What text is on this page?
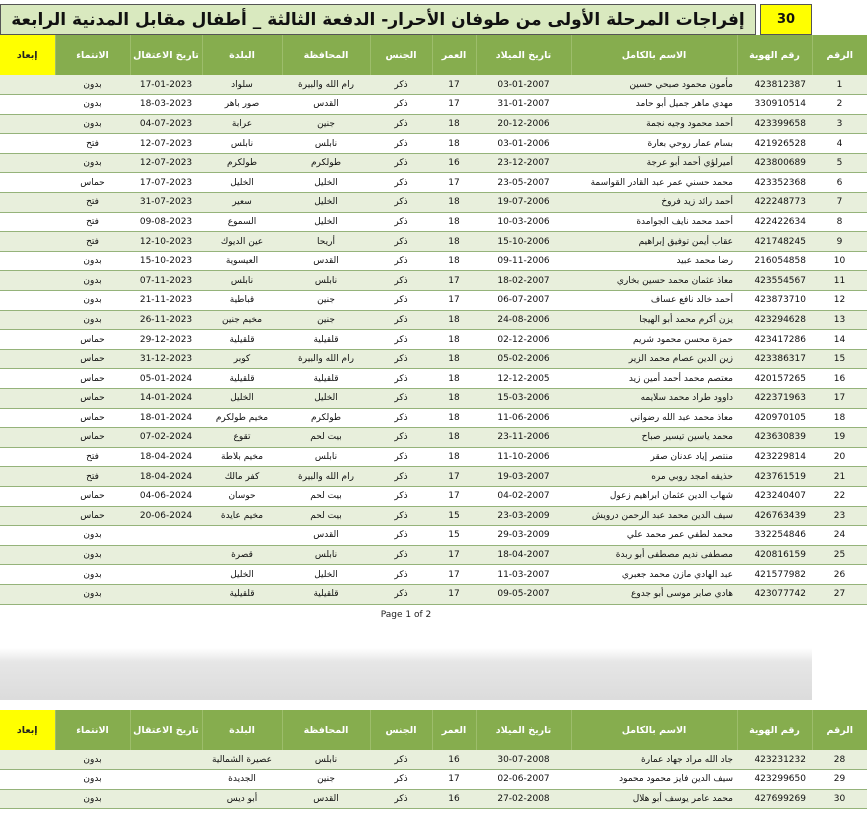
إفراجات المرحلة الأولى من طوفان الأحرار- الدفعة الثالثة _ أطفال مقابل المدنية الرابعة	30
الرقم	رقم الهوية	الاسم بالكامل	تاريخ الميلاد	العمر	الجنس	المحافظة	البلدة	تاريخ الاعتقال	الانتماء	إبعاد
1	423812387	مأمون محمود صبحي حسين	03-01-2007	17	ذكر	رام الله والبيرة	سلواد	17-01-2023	بدون	
2	330910514	مهدي ماهر جميل أبو حامد	31-01-2007	17	ذكر	القدس	صور باهر	18-03-2023	بدون	
3	423399658	أحمد محمود وجيه نجمة	20-12-2006	18	ذكر	جنين	عرابة	04-07-2023	بدون	
4	421926528	بسام عمار روحي بعارة	03-01-2006	18	ذكر	نابلس	نابلس	12-07-2023	فتح	
5	423800689	أميرلؤي أحمد أبو عرجة	23-12-2007	16	ذكر	طولكرم	طولكرم	12-07-2023	بدون	
6	423352368	محمد حسني عمر عبد القادر القواسمة	23-05-2007	17	ذكر	الخليل	الخليل	17-07-2023	حماس	
7	422248773	أحمد رائد زيد فروخ	19-07-2006	18	ذكر	الخليل	سعير	31-07-2023	فتح	
8	422422634	أحمد محمد نايف الجوامدة	10-03-2006	18	ذكر	الخليل	السموع	09-08-2023	فتح	
9	421748245	عقاب أيمن توفيق إبراهيم	15-10-2006	18	ذكر	أريحا	عين الديوك	12-10-2023	فتح	
10	216054858	رضا محمد عبيد	09-11-2006	18	ذكر	القدس	العيسوية	15-10-2023	بدون	
11	423554567	معاذ عثمان محمد حسين بخاري	18-02-2007	17	ذكر	نابلس	نابلس	07-11-2023	بدون	
12	423873710	أحمد خالد نافع عساف	06-07-2007	17	ذكر	جنين	قباطية	21-11-2023	بدون	
13	423294628	يزن أكرم محمد أبو الهيجا	24-08-2006	18	ذكر	جنين	مخيم جنين	26-11-2023	بدون	
14	423417286	حمزة محسن محمود شريم	02-12-2006	18	ذكر	قلقيلية	قلقيلية	29-12-2023	حماس	
15	423386317	زين الدين عصام محمد الزير	05-02-2006	18	ذكر	رام الله والبيرة	كوبر	31-12-2023	حماس	
16	420157265	معتصم محمد أحمد أمين زيد	12-12-2005	18	ذكر	قلقيلية	قلقيلية	05-01-2024	حماس	
17	422371963	داوود طراد محمد سلايمه	15-03-2006	18	ذكر	الخليل	الخليل	14-01-2024	حماس	
18	420970105	معاذ محمد عبد الله رضواني	11-06-2006	18	ذكر	طولكرم	مخيم طولكرم	18-01-2024	حماس	
19	423630839	محمد ياسين تيسير صباح	23-11-2006	18	ذكر	بيت لحم	تقوع	07-02-2024	حماس	
20	423229814	منتصر إياد عدنان صقر	11-10-2006	18	ذكر	نابلس	مخيم بلاطة	18-04-2024	فتح	
21	423761519	حذيفه امجد روبي مره	19-03-2007	17	ذكر	رام الله والبيرة	كفر مالك	18-04-2024	فتح	
22	423240407	شهاب الدين عثمان ابراهيم زعول	04-02-2007	17	ذكر	بيت لحم	حوسان	04-06-2024	حماس	
23	426763439	سيف الدين محمد عبد الرحمن درويش	23-03-2009	15	ذكر	بيت لحم	مخيم عايدة	20-06-2024	حماس	
24	332254846	محمد لطفي عمر محمد علي	29-03-2009	15	ذكر	القدس			بدون	
25	420816159	مصطفى نديم مصطفى أبو ربدة	18-04-2007	17	ذكر	نابلس	قصرة		بدون	
26	421577982	عبد الهادي مازن محمد جعبري	11-03-2007	17	ذكر	الخليل	الخليل		بدون	
27	423077742	هادي صابر موسى أبو جدوع	09-05-2007	17	ذكر	قلقيلية	قلقيلية		بدون	
Page 1 of 2
الرقم	رقم الهوية	الاسم بالكامل	تاريخ الميلاد	العمر	الجنس	المحافظة	البلدة	تاريخ الاعتقال	الانتماء	إبعاد
28	423231232	جاد الله مراد جهاد عمارة	30-07-2008	16	ذكر	نابلس	عصيرة الشمالية		بدون	
29	423299650	سيف الدين فايز محمود محمود	02-06-2007	17	ذكر	جنين	الجديدة		بدون	
30	427699269	محمد عامر يوسف أبو هلال	27-02-2008	16	ذكر	القدس	أبو ديس		بدون	
